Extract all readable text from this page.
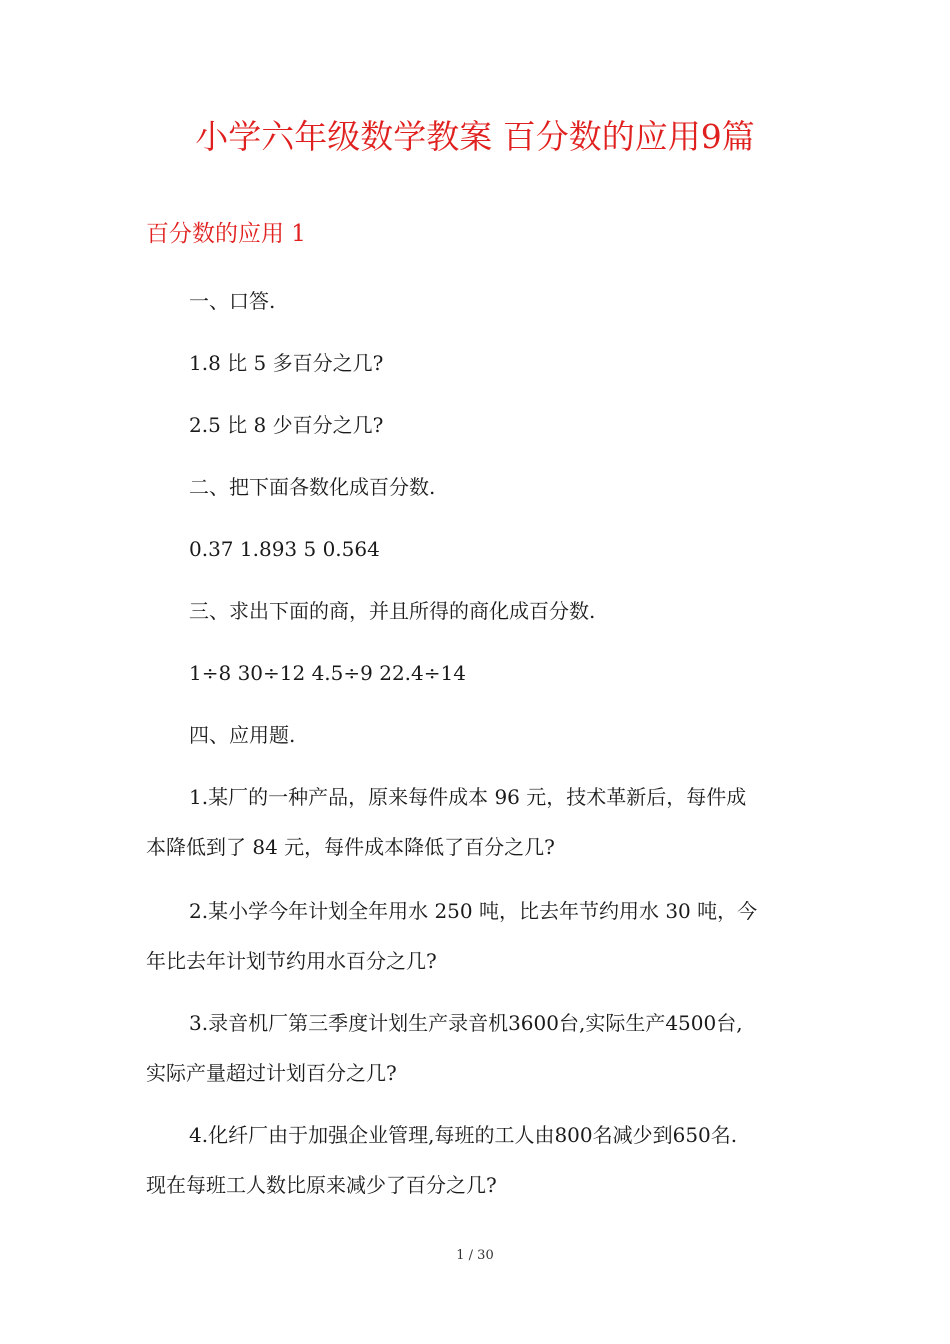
小学六年级数学教案 百分数的应用9篇
百分数的应用 1
一、口答.
1.8 比 5 多百分之几?
2.5 比 8 少百分之几?
二、把下面各数化成百分数.
0.37 1.893 5 0.564
三、求出下面的商，并且所得的商化成百分数.
1÷8 30÷12 4.5÷9 22.4÷14
四、应用题.
1.某厂的一种产品，原来每件成本 96 元，技术革新后，每件成
本降低到了 84 元，每件成本降低了百分之几?
2.某小学今年计划全年用水 250 吨，比去年节约用水 30 吨，今
年比去年计划节约用水百分之几?
3.录音机厂第三季度计划生产录音机3600台,实际生产4500台,
实际产量超过计划百分之几?
4.化纤厂由于加强企业管理,每班的工人由800名减少到650名.
现在每班工人数比原来减少了百分之几?
1 / 30
